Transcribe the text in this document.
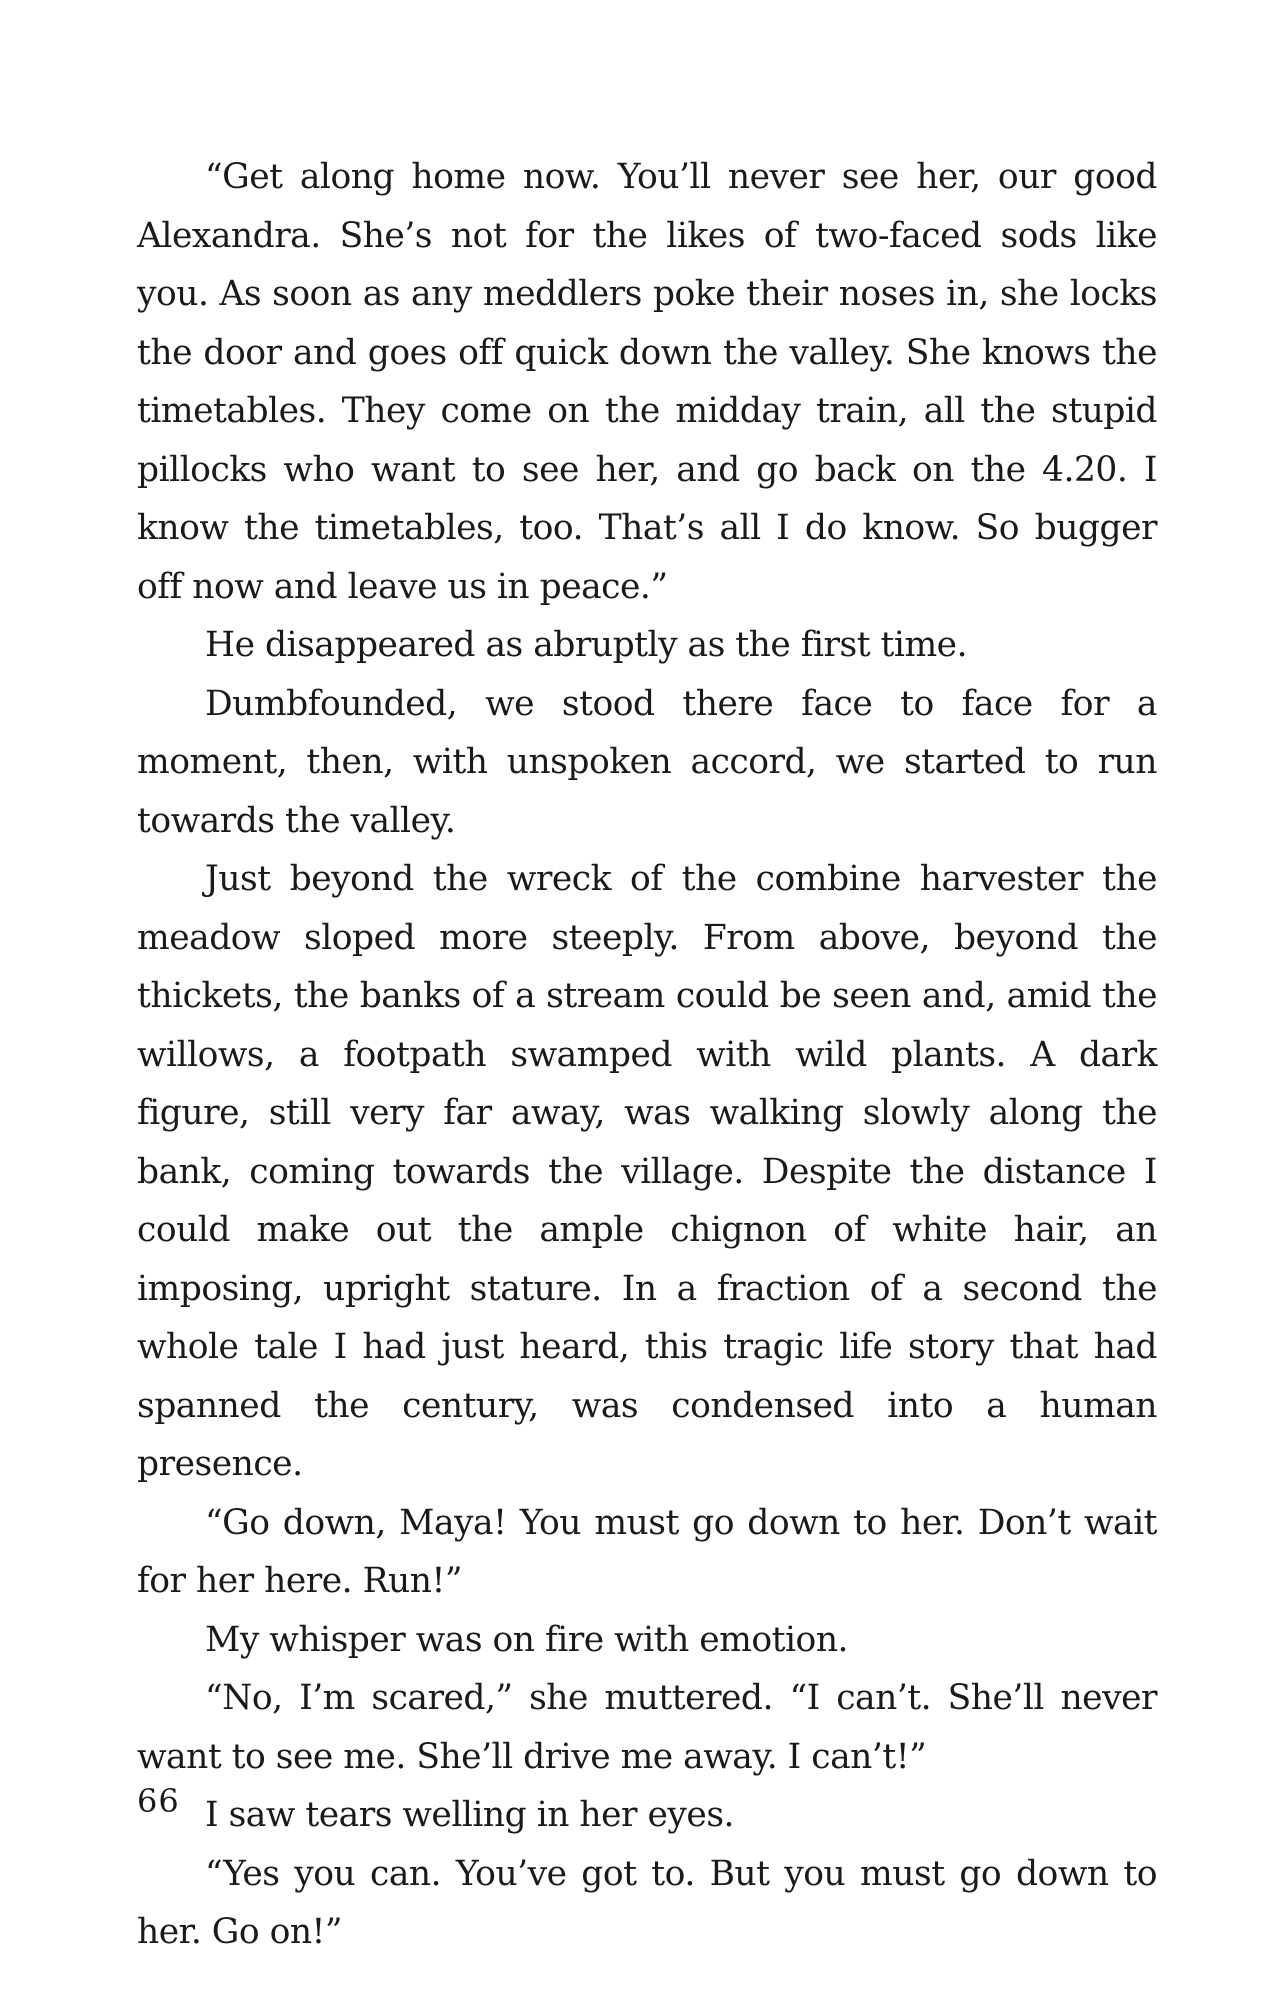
“Get along home now. You’ll never see her, our good Alexandra. She’s not for the likes of two-faced sods like you. As soon as any meddlers poke their noses in, she locks the door and goes off quick down the valley. She knows the timetables. They come on the midday train, all the stupid pillocks who want to see her, and go back on the 4.20. I know the timetables, too. That’s all I do know. So bugger off now and leave us in peace.”

He disappeared as abruptly as the first time.

Dumbfounded, we stood there face to face for a moment, then, with unspoken accord, we started to run towards the valley.

Just beyond the wreck of the combine harvester the meadow sloped more steeply. From above, beyond the thickets, the banks of a stream could be seen and, amid the willows, a footpath swamped with wild plants. A dark figure, still very far away, was walking slowly along the bank, coming towards the village. Despite the distance I could make out the ample chignon of white hair, an imposing, upright stature. In a fraction of a second the whole tale I had just heard, this tragic life story that had spanned the century, was condensed into a human presence.

“Go down, Maya! You must go down to her. Don’t wait for her here. Run!”

My whisper was on fire with emotion.

“No, I’m scared,” she muttered. “I can’t. She’ll never want to see me. She’ll drive me away. I can’t!”

I saw tears welling in her eyes.

“Yes you can. You’ve got to. But you must go down to her. Go on!”

66
